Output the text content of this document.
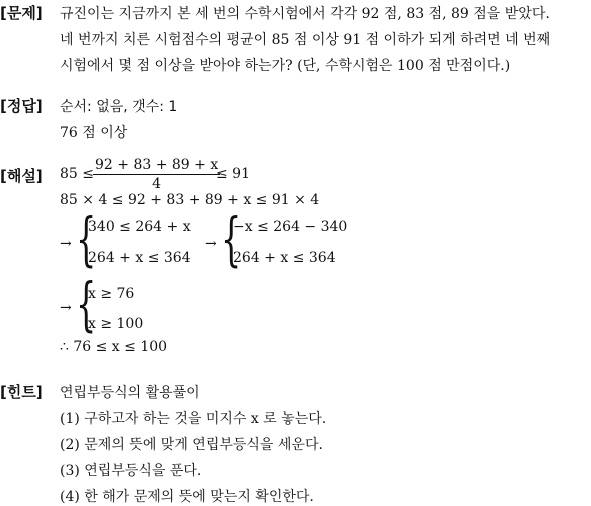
[문제] 규진이는 지금까지 본 세 번의 수학시험에서 각각 92 점, 83 점, 89 점을 받았다.
네 번까지 치른 시험점수의 평균이 85 점 이상 91 점 이하가 되게 하려면 네 번째
시험에서 몇 점 이상을 받아야 하는가? (단, 수학시험은 100 점 만점이다.)
[정답] 순서: 없음, 갯수: 1
76 점 이상
[해설] $85 \le \frac{92 + 83 + 89 + x}{4}$
≤ 91
85 × 4 ≤ 92 + 83 + 89 + x ≤ 91 × 4
→ {
340 ≤ 264 + x
264 + x ≤ 364
→ {
−x ≤ 264 − 340
264 + x ≤ 364
→ {
x ≥ 76
x ≥ 100
∴ 76 ≤ x ≤ 100
[힌트] 연립부등식의 활용풀이
(1) 구하고자 하는 것을 미지수 x 로 놓는다.
(2) 문제의 뜻에 맞게 연립부등식을 세운다.
(3) 연립부등식을 푼다.
(4) 한 해가 문제의 뜻에 맞는지 확인한다.
